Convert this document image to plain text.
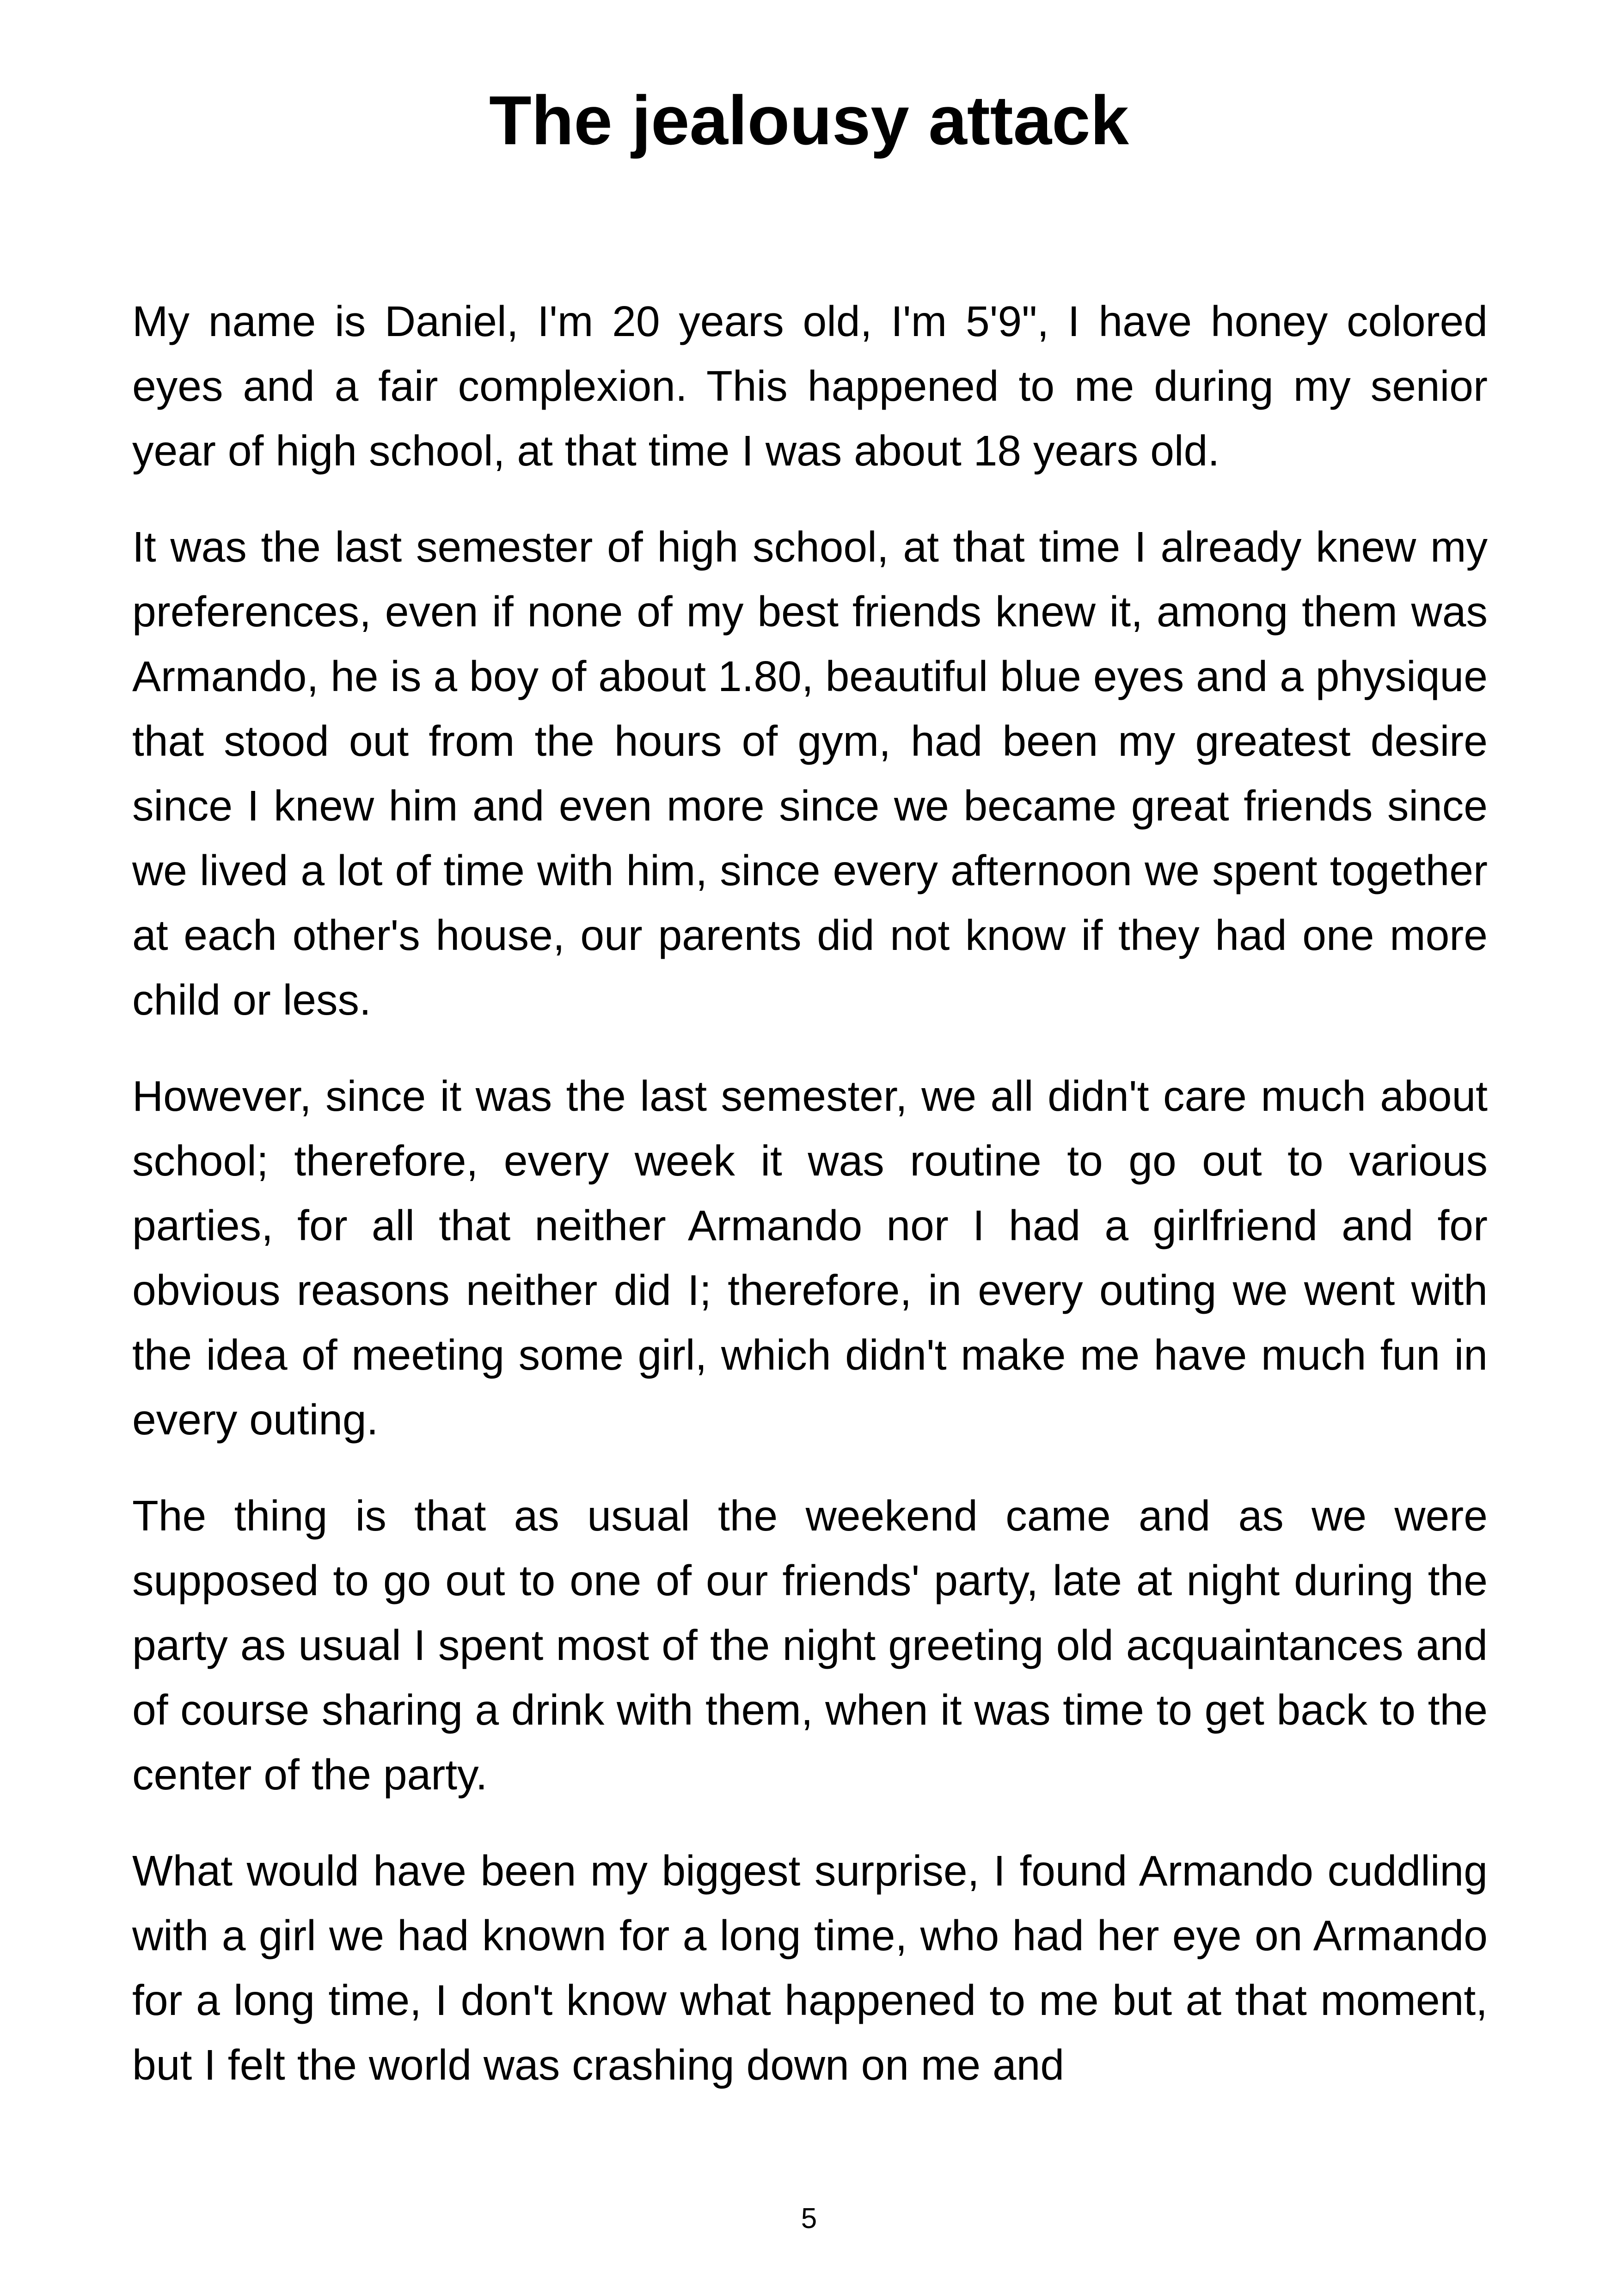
The jealousy attack

My name is Daniel, I'm 20 years old, I'm 5'9", I have honey colored eyes and a fair complexion. This happened to me during my senior year of high school, at that time I was about 18 years old.

It was the last semester of high school, at that time I already knew my preferences, even if none of my best friends knew it, among them was Armando, he is a boy of about 1.80, beautiful blue eyes and a physique that stood out from the hours of gym, had been my greatest desire since I knew him and even more since we became great friends since we lived a lot of time with him, since every afternoon we spent together at each other's house, our parents did not know if they had one more child or less.

However, since it was the last semester, we all didn't care much about school; therefore, every week it was routine to go out to various parties, for all that neither Armando nor I had a girlfriend and for obvious reasons neither did I; therefore, in every outing we went with the idea of meeting some girl, which didn't make me have much fun in every outing.

The thing is that as usual the weekend came and as we were supposed to go out to one of our friends' party, late at night during the party as usual I spent most of the night greeting old acquaintances and of course sharing a drink with them, when it was time to get back to the center of the party.

What would have been my biggest surprise, I found Armando cuddling with a girl we had known for a long time, who had her eye on Armando for a long time, I don't know what happened to me but at that moment, but I felt the world was crashing down on me and

5
